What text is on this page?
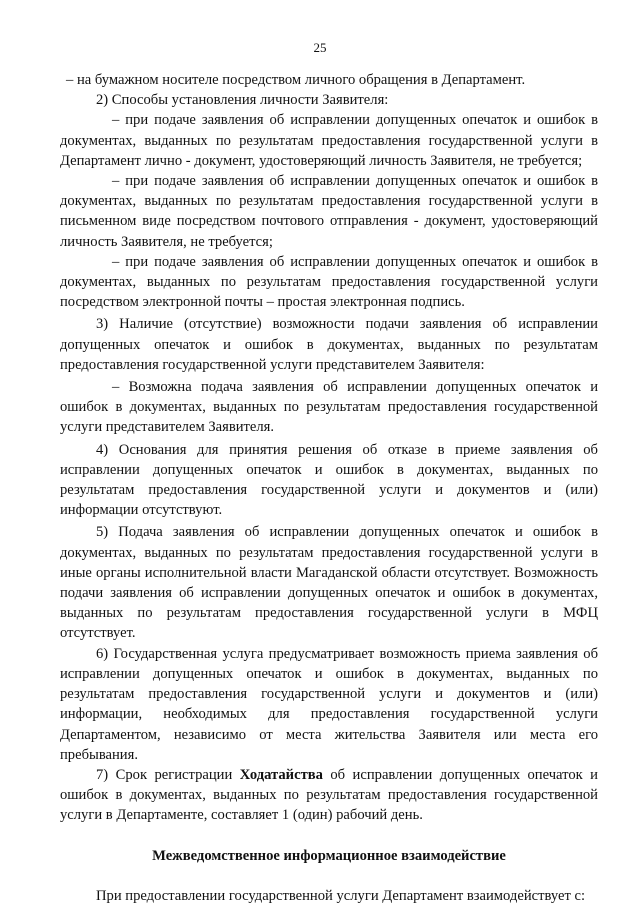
25

– на бумажном носителе посредством личного обращения в Департамент.

2) Способы установления личности Заявителя:

– при подаче заявления об исправлении допущенных опечаток и ошибок в документах, выданных по результатам предоставления государственной услуги в Департамент лично - документ, удостоверяющий личность Заявителя, не требуется;

– при подаче заявления об исправлении допущенных опечаток и ошибок в документах, выданных по результатам предоставления государственной услуги в письменном виде посредством почтового отправления - документ, удостоверяющий личность Заявителя, не требуется;

– при подаче заявления об исправлении допущенных опечаток и ошибок в документах, выданных по результатам предоставления государственной услуги посредством электронной почты – простая электронная подпись.

3) Наличие (отсутствие) возможности подачи заявления об исправлении допущенных опечаток и ошибок в документах, выданных по результатам предоставления государственной услуги представителем Заявителя:

– Возможна подача заявления об исправлении допущенных опечаток и ошибок в документах, выданных по результатам предоставления государственной услуги представителем Заявителя.

4) Основания для принятия решения об отказе в приеме заявления об исправлении допущенных опечаток и ошибок в документах, выданных по результатам предоставления государственной услуги и документов и (или) информации отсутствуют.

5) Подача заявления об исправлении допущенных опечаток и ошибок в документах, выданных по результатам предоставления государственной услуги в иные органы исполнительной власти Магаданской области отсутствует. Возможность подачи заявления об исправлении допущенных опечаток и ошибок в документах, выданных по результатам предоставления государственной услуги в МФЦ отсутствует.

6) Государственная услуга предусматривает возможность приема заявления об исправлении допущенных опечаток и ошибок в документах, выданных по результатам предоставления государственной услуги и документов и (или) информации, необходимых для предоставления государственной услуги Департаментом, независимо от места жительства Заявителя или места его пребывания.

7) Срок регистрации Ходатайства об исправлении допущенных опечаток и ошибок в документах, выданных по результатам предоставления государственной услуги в Департаменте, составляет 1 (один) рабочий день.

Межведомственное информационное взаимодействие

При предоставлении государственной услуги Департамент взаимодействует с:
